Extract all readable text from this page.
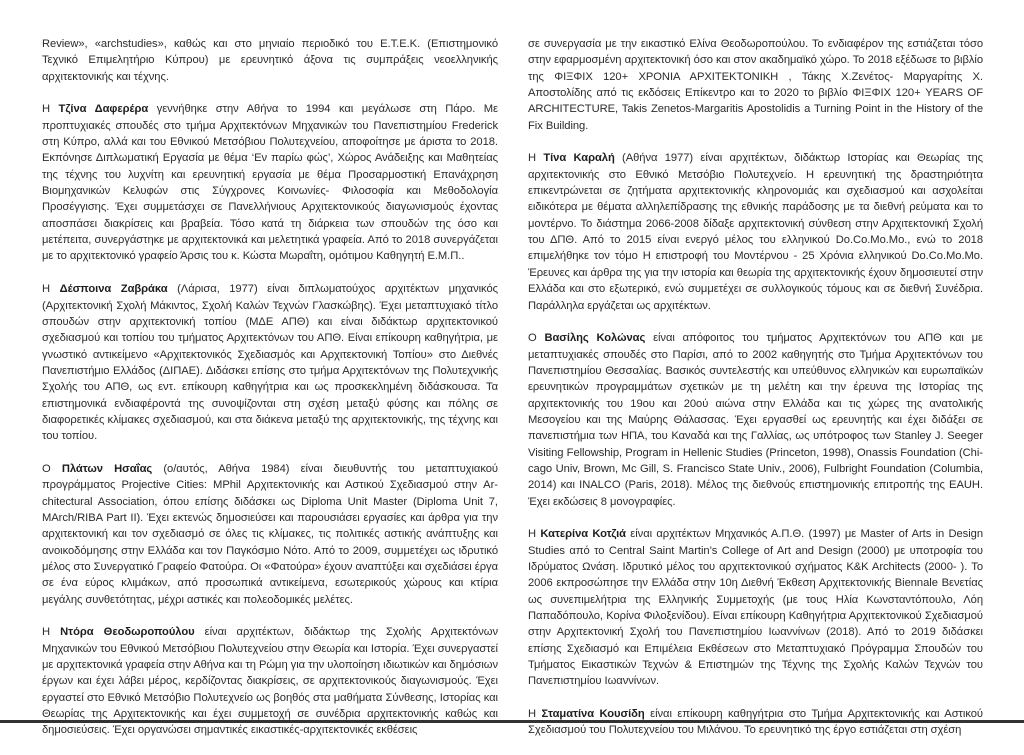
Review», «archstudies», καθώς και στο μηνιαίο περιοδικό του Ε.Τ.Ε.Κ. (Επιστημονικό Τεχνικό Επιμελητήριο Κύπρου) με ερευνητικό άξονα τις συμπράξεις νεοελληνικής αρχιτεκτονικής και τέχνης.

Η Τζίνα Δαφερέρα γεννήθηκε στην Αθήνα το 1994 και μεγάλωσε στη Πάρο. Με προπτυχιακές σπουδές στο τμήμα Αρχιτεκτόνων Μηχανικών του Πανεπιστημίου Frederick στη Κύπρο, αλλά και του Εθνικού Μετσόβιου Πολυτεχνείου, αποφοίτησε με άριστα το 2018. Εκπόνησε Διπλωματική Εργασία με θέμα ‘Εν παρίω φώς’, Χώρος Ανάδειξης και Μαθητείας της τέχνης του λυχνίτη και ερευνητική εργασία με θέμα Προσαρμοστική Επανάχρηση Βιομηχανικών Κελυφών στις Σύγχρονες Κοινωνίες- Φιλοσοφία και Μεθοδολογία Προσέγγισης. Έχει συμμετάσχει σε Πανελλήνιους Αρχιτεκτονικούς διαγωνισμούς έχοντας αποσπάσει διακρίσεις και βραβεία. Τόσο κατά τη διάρκεια των σπουδών της όσο και μετέπειτα, συνεργάστηκε με αρχιτεκτονικά και μελετητικά γραφεία. Από το 2018 συνεργάζεται με το αρχιτεκτονικό γραφείο Άρσις του κ. Κώστα Μωραΐτη, ομότιμου Καθηγητή Ε.Μ.Π..

Η Δέσποινα Ζαβράκα (Λάρισα, 1977) είναι διπλωματούχος αρχιτέκτων μηχανικός (Αρχιτεκτονική Σχολή Μάκιντος, Σχολή Καλών Τεχνών Γλασκώβης). Έχει μεταπτυχιακό τίτλο σπουδών στην αρχιτεκτονική τοπίου (ΜΔΕ ΑΠΘ) και είναι διδάκτωρ αρχιτεκτονικού σχεδιασμού και τοπίου του τμήματος Αρχιτεκτόνων του ΑΠΘ. Είναι επίκουρη καθηγήτρια, με γνωστικό αντικείμενο «Αρχιτεκτονικός Σχεδιασμός και Αρχιτεκτονική Τοπίου» στο Διεθνές Πανεπιστήμιο Ελλάδος (ΔΙΠΑΕ). Διδάσκει επίσης στο τμήμα Αρχιτεκτόνων της Πολυτεχνικής Σχολής του ΑΠΘ, ως εντ. επίκουρη καθηγήτρια και ως προσκεκλημένη διδάσκουσα. Τα επιστημονικά ενδιαφέροντά της συνοψίζονται στη σχέση μεταξύ φύσης και πόλης σε διαφορετικές κλίμακες σχεδιασμού, και στα διάκενα μεταξύ της αρχιτεκτονικής, της τέχνης και του τοπίου.

Ο Πλάτων Ησαΐας (ο/αυτός, Αθήνα 1984) είναι διευθυντής του μεταπτυχιακού προγράμματος Projective Cities: MPhil Αρχιτεκτονικής και Αστικού Σχεδιασμού στην Architectural Association, όπου επίσης διδάσκει ως Diploma Unit Master (Diploma Unit 7, MArch/RIBA Part II). Έχει εκτενώς δημοσιεύσει και παρουσιάσει εργασίες και άρθρα για την αρχιτεκτονική και τον σχεδιασμό σε όλες τις κλίμακες, τις πολιτικές αστικής ανάπτυξης και ανοικοδόμησης στην Ελλάδα και τον Παγκόσμιο Νότο. Από το 2009, συμμετέχει ως ιδρυτικό μέλος στο Συνεργατικό Γραφείο Φατούρα. Οι «Φατούρα» έχουν αναπτύξει και σχεδιάσει έργα σε ένα εύρος κλιμάκων, από προσωπικά αντικείμενα, εσωτερικούς χώρους και κτίρια μεγάλης συνθετότητας, μέχρι αστικές και πολεοδομικές μελέτες.

Η Ντόρα Θεοδωροπούλου είναι αρχιτέκτων, διδάκτωρ της Σχολής Αρχιτεκτόνων Μηχανικών του Εθνικού Μετσόβιου Πολυτεχνείου στην Θεωρία και Ιστορία. Έχει συνεργαστεί με αρχιτεκτονικά γραφεία στην Αθήνα και τη Ρώμη για την υλοποίηση ιδιωτικών και δημόσιων έργων και έχει λάβει μέρος, κερδίζοντας διακρίσεις, σε αρχιτεκτονικούς διαγωνισμούς. Έχει εργαστεί στο Εθνικό Μετσόβιο Πολυτεχνείο ως βοηθός στα μαθήματα Σύνθεσης, Ιστορίας και Θεωρίας της Αρχιτεκτονικής και έχει συμμετοχή σε συνέδρια αρχιτεκτονικής καθώς και δημοσιεύσεις. Έχει οργανώσει σημαντικές εικαστικές-αρχιτεκτονικές εκθέσεις

σε συνεργασία με την εικαστικό Ελίνα Θεοδωροπούλου. Το ενδιαφέρον της εστιάζεται τόσο στην εφαρμοσμένη αρχιτεκτονική όσο και στον ακαδημαϊκό χώρο. Το 2018 εξέδωσε το βιβλίο της ΦΙΞΦΙΧ 120+ ΧΡΟΝΙΑ ΑΡΧΙΤΕΚΤΟΝΙΚΗ , Τάκης Χ.Ζενέτος- Μαργαρίτης Χ. Αποστολίδης από τις εκδόσεις Επίκεντρο και το 2020 το βιβλίο ΦΙΞΦΙΧ 120+ YEARS OF ARCHITECTURE, Takis Zenetos-Margaritis Apostolidis a Turning Point in the History of the Fix Building.

Η Τίνα Καραλή (Αθήνα 1977) είναι αρχιτέκτων, διδάκτωρ Ιστορίας και Θεωρίας της αρχιτεκτονικής στο Εθνικό Μετσόβιο Πολυτεχνείο. Η ερευνητική της δραστηριότητα επικεντρώνεται σε ζητήματα αρχιτεκτονικής κληρονομιάς και σχεδιασμού και ασχολείται ειδικότερα με θέματα αλληλεπίδρασης της εθνικής παράδοσης με τα διεθνή ρεύματα και το μοντέρνο. Το διάστημα 2066-2008 δίδαξε αρχιτεκτονική σύνθεση στην Αρχιτεκτονική Σχολή του ΔΠΘ. Από το 2015 είναι ενεργό μέλος του ελληνικού Do.Co.Mo.Mo., ενώ το 2018 επιμελήθηκε τον τόμο Η επιστροφή του Μοντέρνου - 25 Χρόνια ελληνικού Do.Co.Mo.Mo. Έρευνες και άρθρα της για την ιστορία και θεωρία της αρχιτεκτονικής έχουν δημοσιευτεί στην Ελλάδα και στο εξωτερικό, ενώ συμμετέχει σε συλλογικούς τόμους και σε διεθνή Συνέδρια. Παράλληλα εργάζεται ως αρχιτέκτων.

Ο Βασίλης Κολώνας είναι απόφοιτος του τμήματος Αρχιτεκτόνων του ΑΠΘ και με μεταπτυχιακές σπουδές στο Παρίσι, από το 2002 καθηγητής στο Τμήμα Αρχιτεκτόνων του Πανεπιστημίου Θεσσαλίας. Βασικός συντελεστής και υπεύθυνος ελληνικών και ευρωπαϊκών ερευνητικών προγραμμάτων σχετικών με τη μελέτη και την έρευνα της Ιστορίας της αρχιτεκτονικής του 19ου και 20ού αιώνα στην Ελλάδα και τις χώρες της ανατολικής Μεσογείου και της Μαύρης Θάλασσας. Έχει εργασθεί ως ερευνητής και έχει διδάξει σε πανεπιστήμια των ΗΠΑ, του Καναδά και της Γαλλίας, ως υπότροφος των Stanley J. Seeger Visiting Fellowship, Program in Hellenic Studies (Princeton, 1998), Onassis Foundation (Chicago Univ, Brown, Mc Gill, S. Francisco State Univ., 2006), Fulbright Foundation (Columbia, 2014) και INALCO (Paris, 2018). Μέλος της διεθνούς επιστημονικής επιτροπής της EAUH. Έχει εκδώσεις 8 μονογραφίες.

Η Κατερίνα Κοτζιά είναι αρχιτέκτων Μηχανικός Α.Π.Θ. (1997) με Master of Arts in Design Studies από το Central Saint Martin’s College of Art and Design (2000) με υποτροφία του Ιδρύματος Ωνάση. Ιδρυτικό μέλος του αρχιτεκτονικού σχήματος K&K Architects (2000- ). Το 2006 εκπροσώπησε την Ελλάδα στην 10η Διεθνή Έκθεση Αρχιτεκτονικής Biennale Βενετίας ως συνεπιμελήτρια της Ελληνικής Συμμετοχής (με τους Ηλία Κωνσταντόπουλο, Λόη Παπαδόπουλο, Κορίνα Φιλοξενίδου). Είναι επίκουρη Καθηγήτρια Αρχιτεκτονικού Σχεδιασμού στην Αρχιτεκτονική Σχολή του Πανεπιστημίου Ιωαννίνων (2018). Από το 2019 διδάσκει επίσης Σχεδιασμό και Επιμέλεια Εκθέσεων στο Μεταπτυχιακό Πρόγραμμα Σπουδών του Τμήματος Εικαστικών Τεχνών & Επιστημών της Τέχνης της Σχολής Καλών Τεχνών του Πανεπιστημίου Ιωαννίνων.

Η Σταματίνα Κουσίδη είναι επίκουρη καθηγήτρια στο Τμήμα Αρχιτεκτονικής και Αστικού Σχεδιασμού του Πολυτεχνείου του Μιλάνου. Το ερευνητικό της έργο εστιάζεται στη σχέση
